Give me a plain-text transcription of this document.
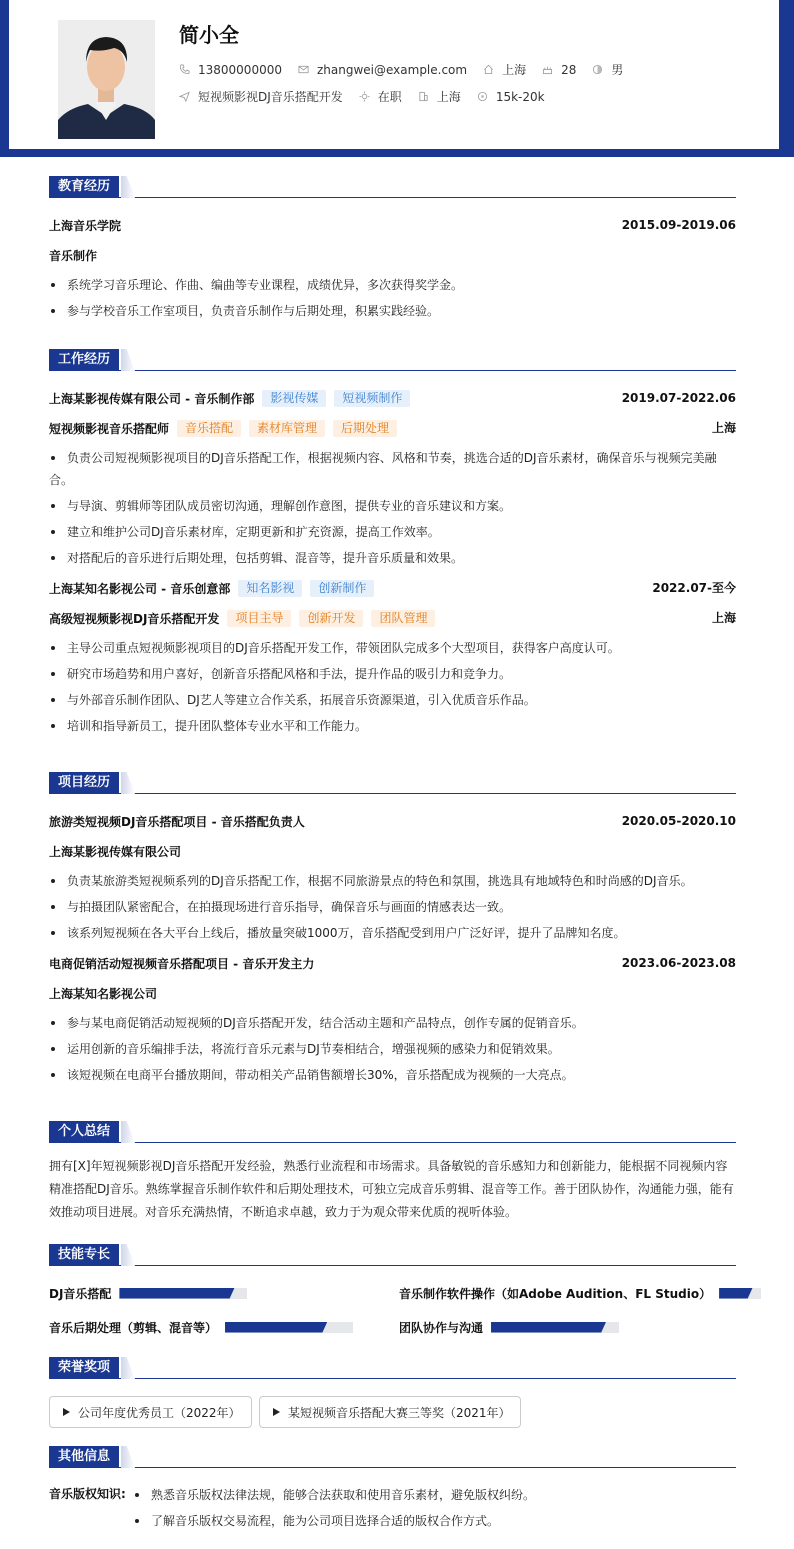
简小全
13800000000	zhangwei@example.com	上海	28	男
短视频影视DJ音乐搭配开发	在职	上海	15k-20k
教育经历
上海音乐学院	2015.09-2019.06
音乐制作
系统学习音乐理论、作曲、编曲等专业课程，成绩优异，多次获得奖学金。
参与学校音乐工作室项目，负责音乐制作与后期处理，积累实践经验。
工作经历
上海某影视传媒有限公司 - 音乐制作部	影视传媒	短视频制作	2019.07-2022.06
短视频影视音乐搭配师	音乐搭配	素材库管理	后期处理	上海
负责公司短视频影视项目的DJ音乐搭配工作，根据视频内容、风格和节奏，挑选合适的DJ音乐素材，确保音乐与视频完美融合。
与导演、剪辑师等团队成员密切沟通，理解创作意图，提供专业的音乐建议和方案。
建立和维护公司DJ音乐素材库，定期更新和扩充资源，提高工作效率。
对搭配后的音乐进行后期处理，包括剪辑、混音等，提升音乐质量和效果。
上海某知名影视公司 - 音乐创意部	知名影视	创新制作	2022.07-至今
高级短视频影视DJ音乐搭配开发	项目主导	创新开发	团队管理	上海
主导公司重点短视频影视项目的DJ音乐搭配开发工作，带领团队完成多个大型项目，获得客户高度认可。
研究市场趋势和用户喜好，创新音乐搭配风格和手法，提升作品的吸引力和竞争力。
与外部音乐制作团队、DJ艺人等建立合作关系，拓展音乐资源渠道，引入优质音乐作品。
培训和指导新员工，提升团队整体专业水平和工作能力。
项目经历
旅游类短视频DJ音乐搭配项目 - 音乐搭配负责人	2020.05-2020.10
上海某影视传媒有限公司
负责某旅游类短视频系列的DJ音乐搭配工作，根据不同旅游景点的特色和氛围，挑选具有地域特色和时尚感的DJ音乐。
与拍摄团队紧密配合，在拍摄现场进行音乐指导，确保音乐与画面的情感表达一致。
该系列短视频在各大平台上线后，播放量突破1000万，音乐搭配受到用户广泛好评，提升了品牌知名度。
电商促销活动短视频音乐搭配项目 - 音乐开发主力	2023.06-2023.08
上海某知名影视公司
参与某电商促销活动短视频的DJ音乐搭配开发，结合活动主题和产品特点，创作专属的促销音乐。
运用创新的音乐编排手法，将流行音乐元素与DJ节奏相结合，增强视频的感染力和促销效果。
该短视频在电商平台播放期间，带动相关产品销售额增长30%，音乐搭配成为视频的一大亮点。
个人总结
拥有[X]年短视频影视DJ音乐搭配开发经验，熟悉行业流程和市场需求。具备敏锐的音乐感知力和创新能力，能根据不同视频内容精准搭配DJ音乐。熟练掌握音乐制作软件和后期处理技术，可独立完成音乐剪辑、混音等工作。善于团队协作，沟通能力强，能有效推动项目进展。对音乐充满热情，不断追求卓越，致力于为观众带来优质的视听体验。
技能专长
DJ音乐搭配	音乐制作软件操作（如Adobe Audition、FL Studio）
音乐后期处理（剪辑、混音等）	团队协作与沟通
荣誉奖项
公司年度优秀员工（2022年）	某短视频音乐搭配大赛三等奖（2021年）
其他信息
音乐版权知识:	熟悉音乐版权法律法规，能够合法获取和使用音乐素材，避免版权纠纷。
了解音乐版权交易流程，能为公司项目选择合适的版权合作方式。
